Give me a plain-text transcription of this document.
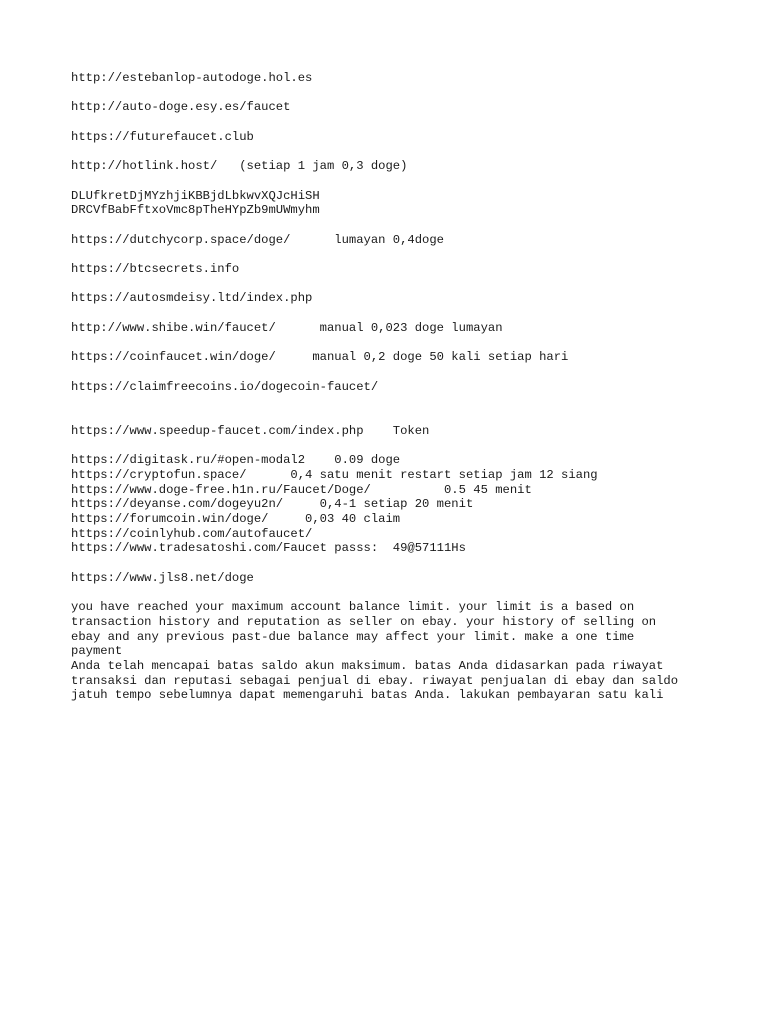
http://estebanlop-autodoge.hol.es

http://auto-doge.esy.es/faucet

https://futurefaucet.club

http://hotlink.host/   (setiap 1 jam 0,3 doge)

DLUfkretDjMYzhjiKBBjdLbkwvXQJcHiSH

DRCVfBabFftxoVmc8pTheHYpZb9mUWmyhm

https://dutchycorp.space/doge/      lumayan 0,4doge

https://btcsecrets.info

https://autosmdeisy.ltd/index.php

http://www.shibe.win/faucet/      manual 0,023 doge lumayan

https://coinfaucet.win/doge/     manual 0,2 doge 50 kali setiap hari

https://claimfreecoins.io/dogecoin-faucet/

https://www.speedup-faucet.com/index.php    Token

https://digitask.ru/#open-modal2    0.09 doge

https://cryptofun.space/      0,4 satu menit restart setiap jam 12 siang

https://www.doge-free.h1n.ru/Faucet/Doge/          0.5 45 menit

https://deyanse.com/dogeyu2n/     0,4-1 setiap 20 menit

https://forumcoin.win/doge/     0,03 40 claim

https://coinlyhub.com/autofaucet/

https://www.tradesatoshi.com/Faucet passs:  49@57111Hs

https://www.jls8.net/doge

you have reached your maximum account balance limit. your limit is a based on

transaction history and reputation as seller on ebay. your history of selling on

ebay and any previous past-due balance may affect your limit. make a one time

payment

Anda telah mencapai batas saldo akun maksimum. batas Anda didasarkan pada riwayat

transaksi dan reputasi sebagai penjual di ebay. riwayat penjualan di ebay dan saldo

jatuh tempo sebelumnya dapat memengaruhi batas Anda. lakukan pembayaran satu kali
